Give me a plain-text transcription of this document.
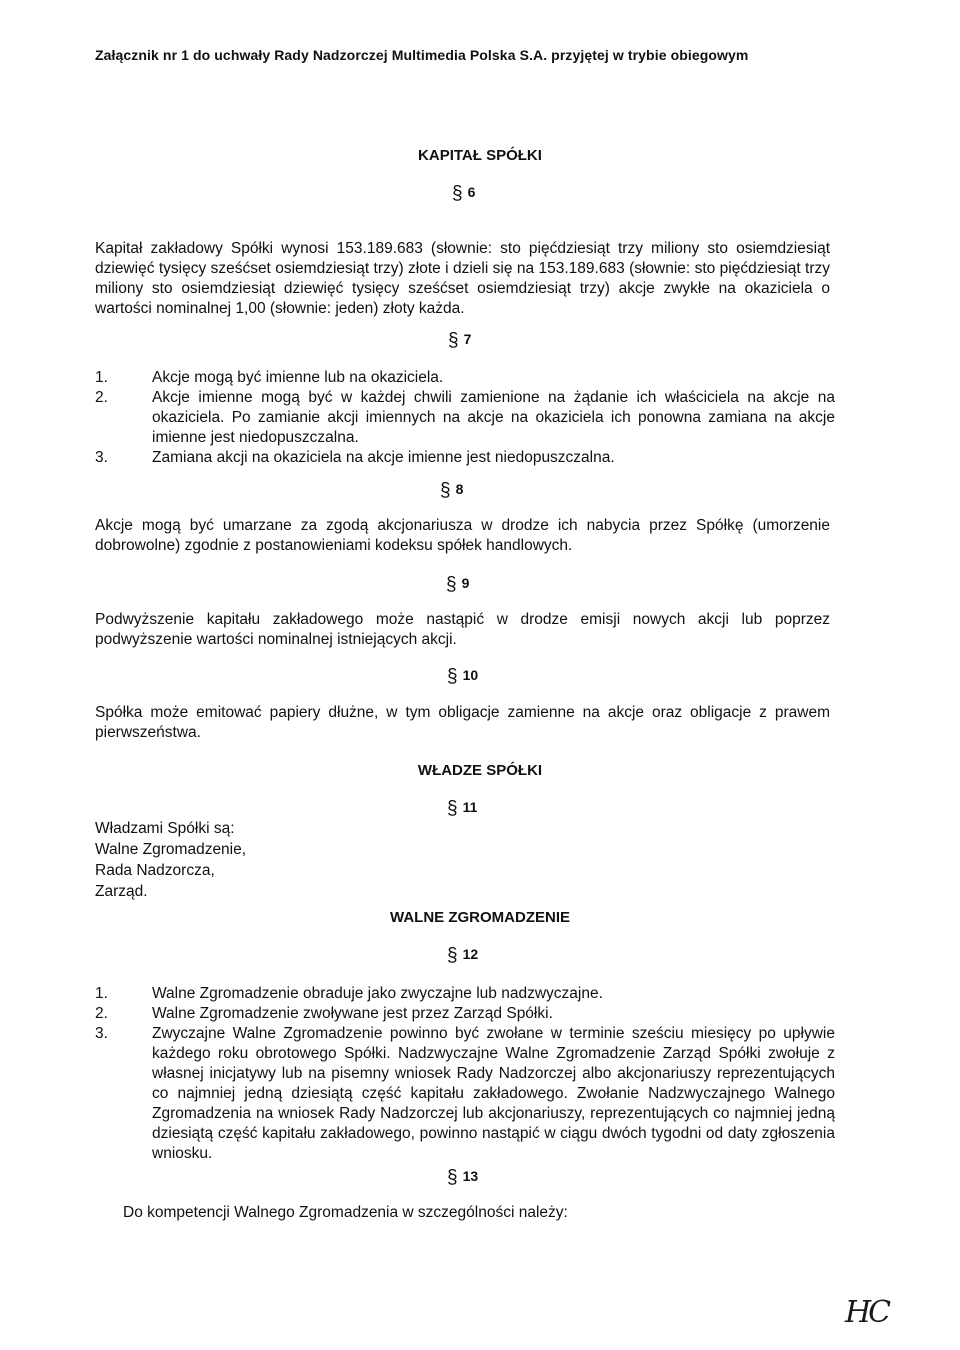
Załącznik nr 1 do uchwały Rady Nadzorczej Multimedia Polska S.A. przyjętej w trybie obiegowym
KAPITAŁ SPÓŁKI
§ 6
Kapitał zakładowy Spółki wynosi 153.189.683 (słownie: sto pięćdziesiąt trzy miliony sto osiemdziesiąt dziewięć tysięcy sześćset osiemdziesiąt trzy) złote i dzieli się na 153.189.683 (słownie: sto pięćdziesiąt trzy miliony sto osiemdziesiąt dziewięć tysięcy sześćset osiemdziesiąt trzy) akcje zwykłe na okaziciela o wartości nominalnej 1,00 (słownie: jeden) złoty każda.
§ 7
1.	Akcje mogą być imienne lub na okaziciela.
2.	Akcje imienne mogą być w każdej chwili zamienione na żądanie ich właściciela na akcje na okaziciela. Po zamianie akcji imiennych na akcje na okaziciela ich ponowna zamiana na akcje imienne jest niedopuszczalna.
3.	Zamiana akcji na okaziciela na akcje imienne jest niedopuszczalna.
§ 8
Akcje mogą być umarzane za zgodą akcjonariusza w drodze ich nabycia przez Spółkę (umorzenie dobrowolne) zgodnie z postanowieniami kodeksu spółek handlowych.
§ 9
Podwyższenie kapitału zakładowego może nastąpić w drodze emisji nowych akcji lub poprzez podwyższenie wartości nominalnej istniejących akcji.
§ 10
Spółka może emitować papiery dłużne, w tym obligacje zamienne na akcje oraz obligacje z prawem pierwszeństwa.
WŁADZE SPÓŁKI
§ 11
Władzami Spółki są:
Walne Zgromadzenie,
Rada Nadzorcza,
Zarząd.
WALNE ZGROMADZENIE
§ 12
1.	Walne Zgromadzenie obraduje jako zwyczajne lub nadzwyczajne.
2.	Walne Zgromadzenie zwoływane jest przez Zarząd Spółki.
3.	Zwyczajne Walne Zgromadzenie powinno być zwołane w terminie sześciu miesięcy po upływie każdego roku obrotowego Spółki. Nadzwyczajne Walne Zgromadzenie Zarząd Spółki zwołuje z własnej inicjatywy lub na pisemny wniosek Rady Nadzorczej albo akcjonariuszy reprezentujących co najmniej jedną dziesiątą część kapitału zakładowego. Zwołanie Nadzwyczajnego Walnego Zgromadzenia na wniosek Rady Nadzorczej lub akcjonariuszy, reprezentujących co najmniej jedną dziesiątą część kapitału zakładowego, powinno nastąpić w ciągu dwóch tygodni od daty zgłoszenia wniosku.
§ 13
Do kompetencji Walnego Zgromadzenia w szczególności należy:
HC
